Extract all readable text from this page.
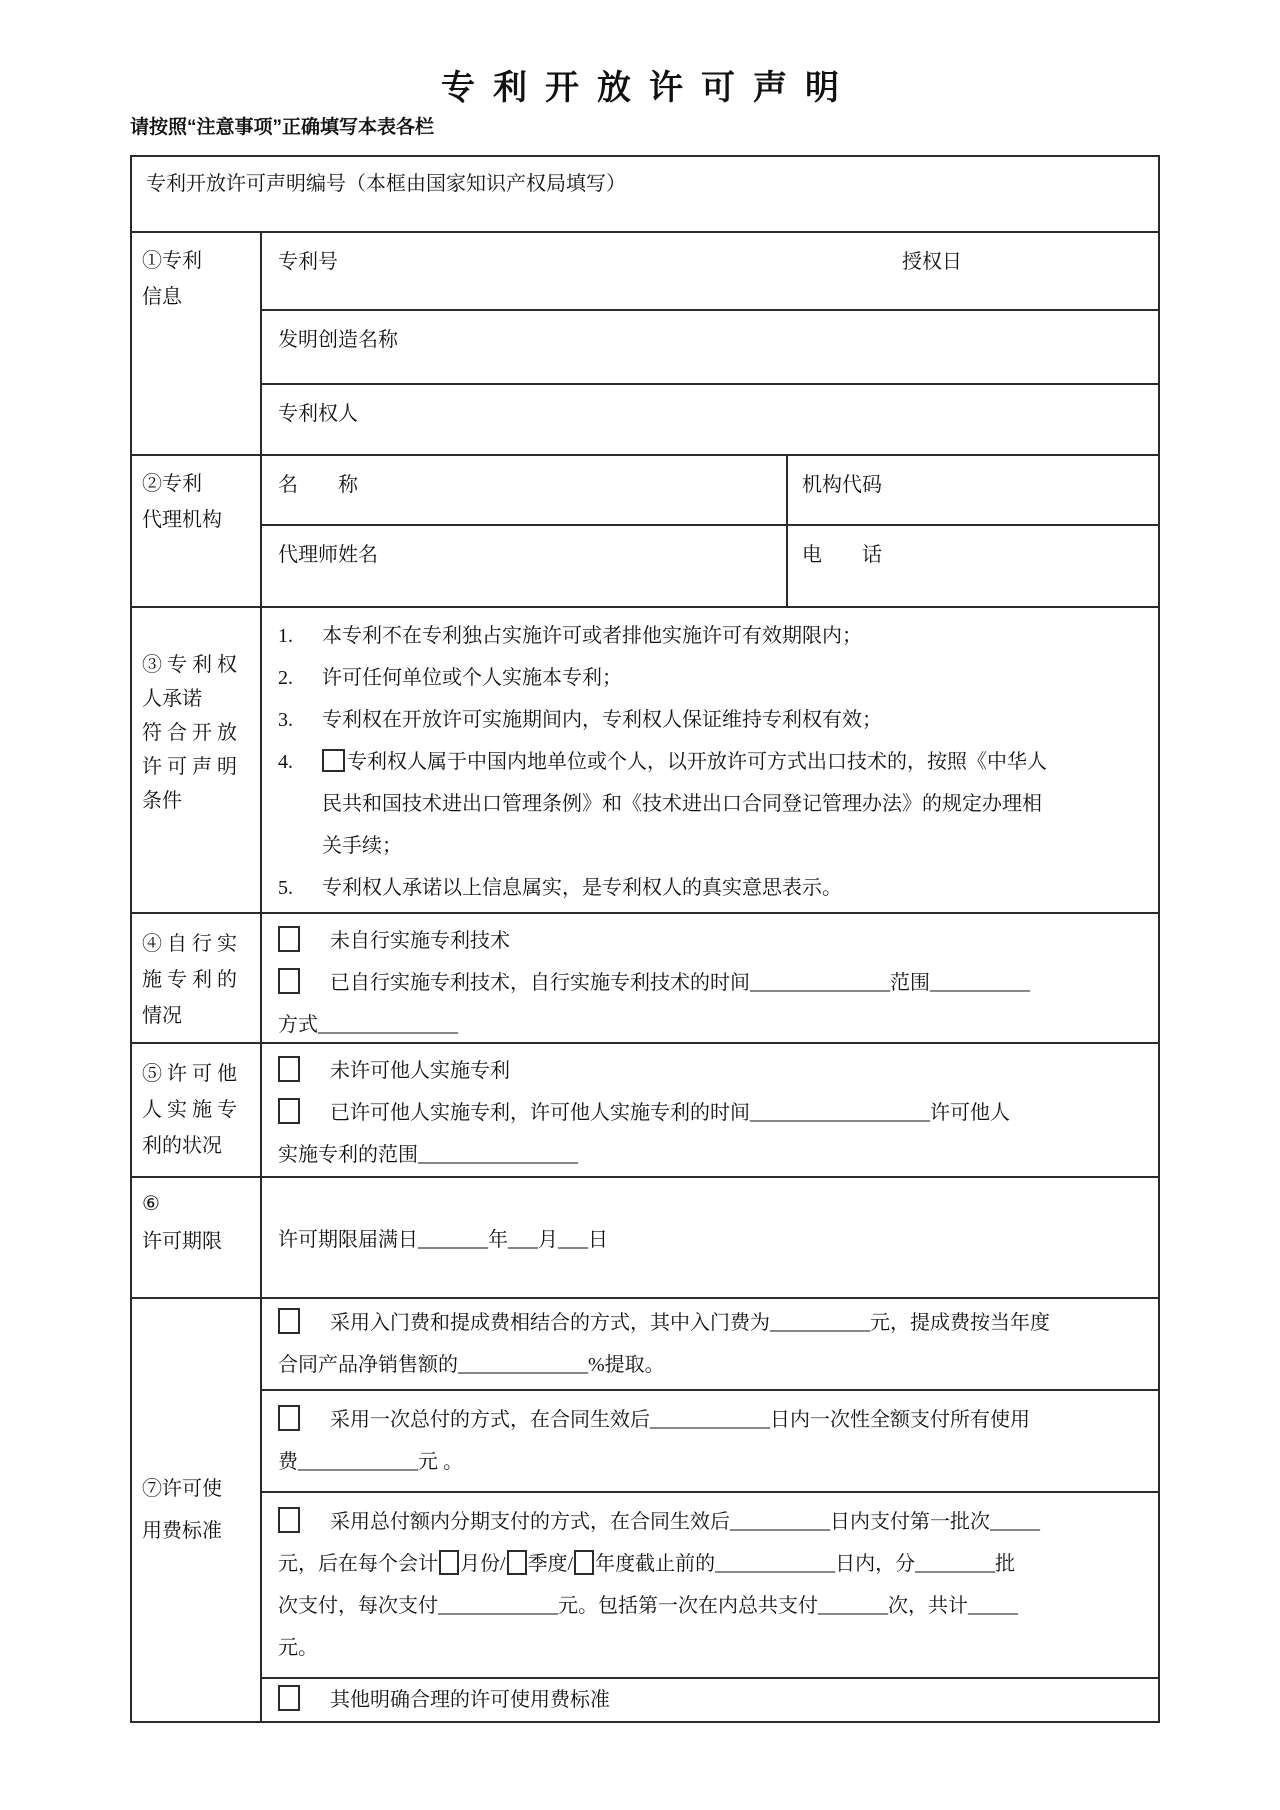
专利开放许可声明
请按照“注意事项”正确填写本表各栏
专利开放许可声明编号（本框由国家知识产权局填写）
①专利
信息
专利号	授权日
发明创造名称
专利权人
②专利
代理机构
名　　称	机构代码
代理师姓名	电　　话
③ 专 利 权
人承诺
符 合 开 放
许 可 声 明
条件
1.	本专利不在专利独占实施许可或者排他实施许可有效期限内；
2.	许可任何单位或个人实施本专利；
3.	专利权在开放许可实施期间内，专利权人保证维持专利权有效；
4.	专利权人属于中国内地单位或个人，以开放许可方式出口技术的，按照《中华人
民共和国技术进出口管理条例》和《技术进出口合同登记管理办法》的规定办理相
关手续；
5.	专利权人承诺以上信息属实，是专利权人的真实意思表示。
④ 自 行 实
施 专 利 的
情况
未自行实施专利技术
已自行实施专利技术，自行实施专利技术的时间______________范围__________
方式______________
⑤ 许 可 他
人 实 施 专
利的状况
未许可他人实施专利
已许可他人实施专利，许可他人实施专利的时间__________________许可他人
实施专利的范围________________
⑥
许可期限	许可期限届满日_______年___月___日
⑦许可使
用费标准
采用入门费和提成费相结合的方式，其中入门费为__________元，提成费按当年度
合同产品净销售额的_____________%提取。
采用一次总付的方式，在合同生效后____________日内一次性全额支付所有使用
费____________元 。
采用总付额内分期支付的方式，在合同生效后__________日内支付第一批次_____
元，后在每个会计 月份/ 季度/ 年度截止前的____________日内，分________批
次支付，每次支付____________元。包括第一次在内总共支付_______次，共计_____
元。
其他明确合理的许可使用费标准
